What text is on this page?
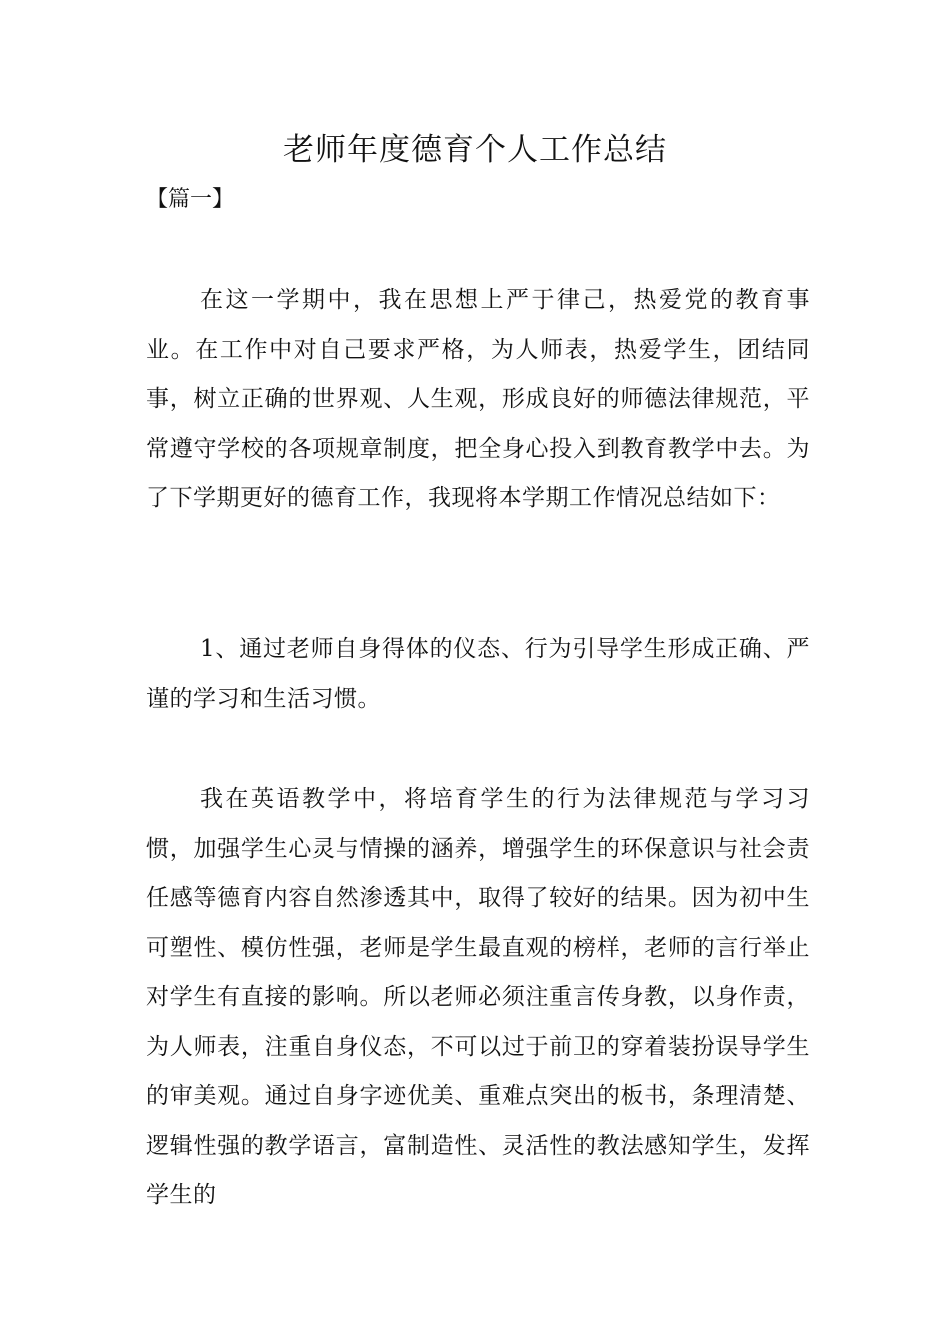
老师年度德育个人工作总结
【篇一】

在这一学期中，我在思想上严于律己，热爱党的教育事业。在工作中对自己要求严格，为人师表，热爱学生，团结同事，树立正确的世界观、人生观，形成良好的师德法律规范，平常遵守学校的各项规章制度，把全身心投入到教育教学中去。为了下学期更好的德育工作，我现将本学期工作情况总结如下：

1、通过老师自身得体的仪态、行为引导学生形成正确、严谨的学习和生活习惯。

我在英语教学中，将培育学生的行为法律规范与学习习惯，加强学生心灵与情操的涵养，增强学生的环保意识与社会责任感等德育内容自然渗透其中，取得了较好的结果。因为初中生可塑性、模仿性强，老师是学生最直观的榜样，老师的言行举止对学生有直接的影响。所以老师必须注重言传身教，以身作责，为人师表，注重自身仪态，不可以过于前卫的穿着装扮误导学生的审美观。通过自身字迹优美、重难点突出的板书，条理清楚、逻辑性强的教学语言，富制造性、灵活性的教法感知学生，发挥学生的
